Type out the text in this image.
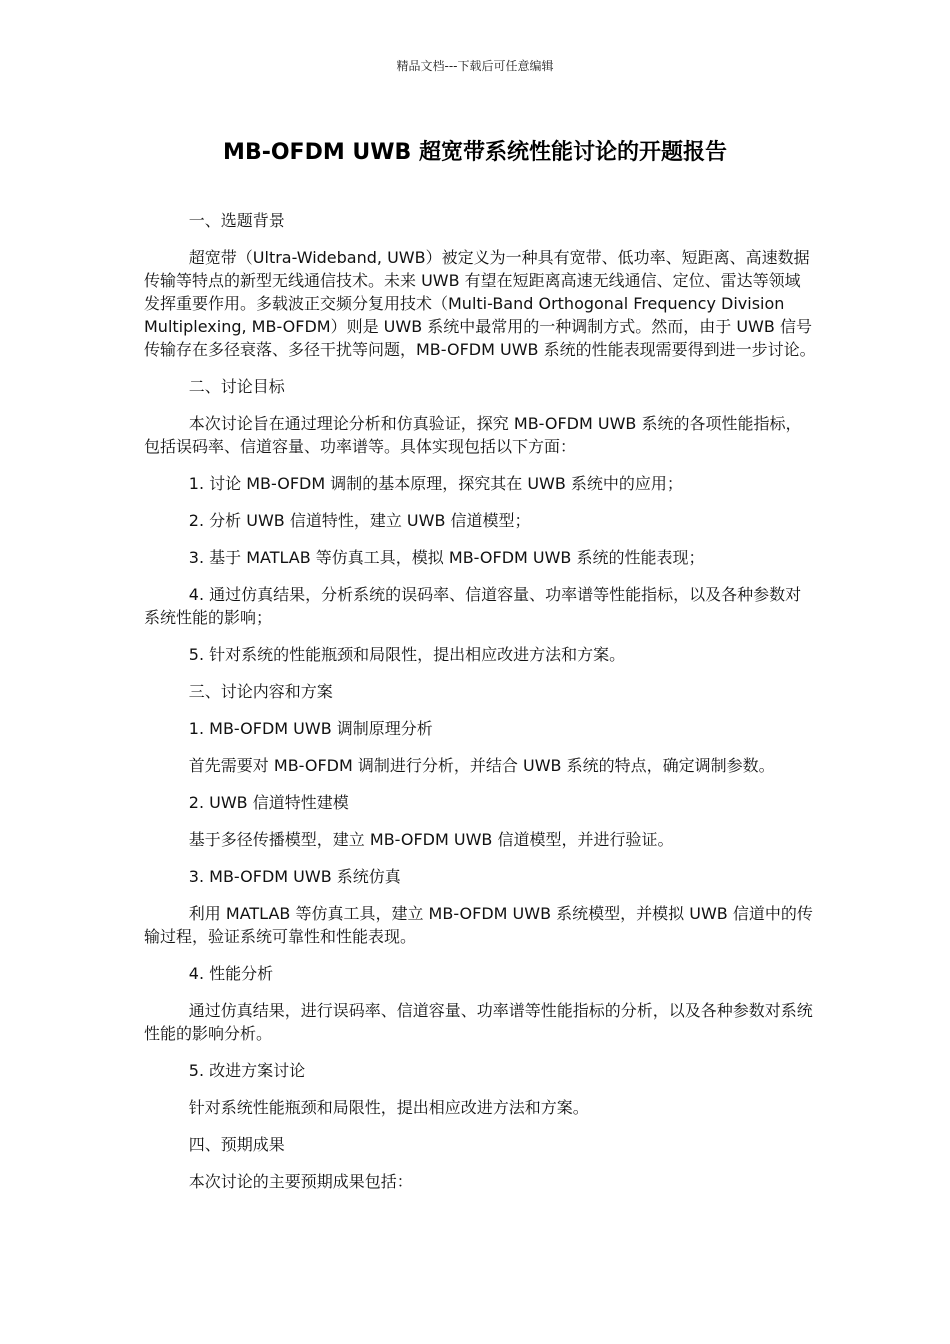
精品文档---下载后可任意编辑
MB-OFDM UWB 超宽带系统性能讨论的开题报告

一、选题背景

超宽带（Ultra-Wideband, UWB）被定义为一种具有宽带、低功率、短距离、高速数据传输等特点的新型无线通信技术。未来 UWB 有望在短距离高速无线通信、定位、雷达等领域发挥重要作用。多载波正交频分复用技术（Multi-Band Orthogonal Frequency Division Multiplexing, MB-OFDM）则是 UWB 系统中最常用的一种调制方式。然而，由于 UWB 信号传输存在多径衰落、多径干扰等问题，MB-OFDM UWB 系统的性能表现需要得到进一步讨论。

二、讨论目标

本次讨论旨在通过理论分析和仿真验证，探究 MB-OFDM UWB 系统的各项性能指标，包括误码率、信道容量、功率谱等。具体实现包括以下方面：

1. 讨论 MB-OFDM 调制的基本原理，探究其在 UWB 系统中的应用；

2. 分析 UWB 信道特性，建立 UWB 信道模型；

3. 基于 MATLAB 等仿真工具，模拟 MB-OFDM UWB 系统的性能表现；

4. 通过仿真结果，分析系统的误码率、信道容量、功率谱等性能指标，以及各种参数对系统性能的影响；

5. 针对系统的性能瓶颈和局限性，提出相应改进方法和方案。

三、讨论内容和方案

1. MB-OFDM UWB 调制原理分析

首先需要对 MB-OFDM 调制进行分析，并结合 UWB 系统的特点，确定调制参数。

2. UWB 信道特性建模

基于多径传播模型，建立 MB-OFDM UWB 信道模型，并进行验证。

3. MB-OFDM UWB 系统仿真

利用 MATLAB 等仿真工具，建立 MB-OFDM UWB 系统模型，并模拟 UWB 信道中的传输过程，验证系统可靠性和性能表现。

4. 性能分析

通过仿真结果，进行误码率、信道容量、功率谱等性能指标的分析，以及各种参数对系统性能的影响分析。

5. 改进方案讨论

针对系统性能瓶颈和局限性，提出相应改进方法和方案。

四、预期成果

本次讨论的主要预期成果包括：
